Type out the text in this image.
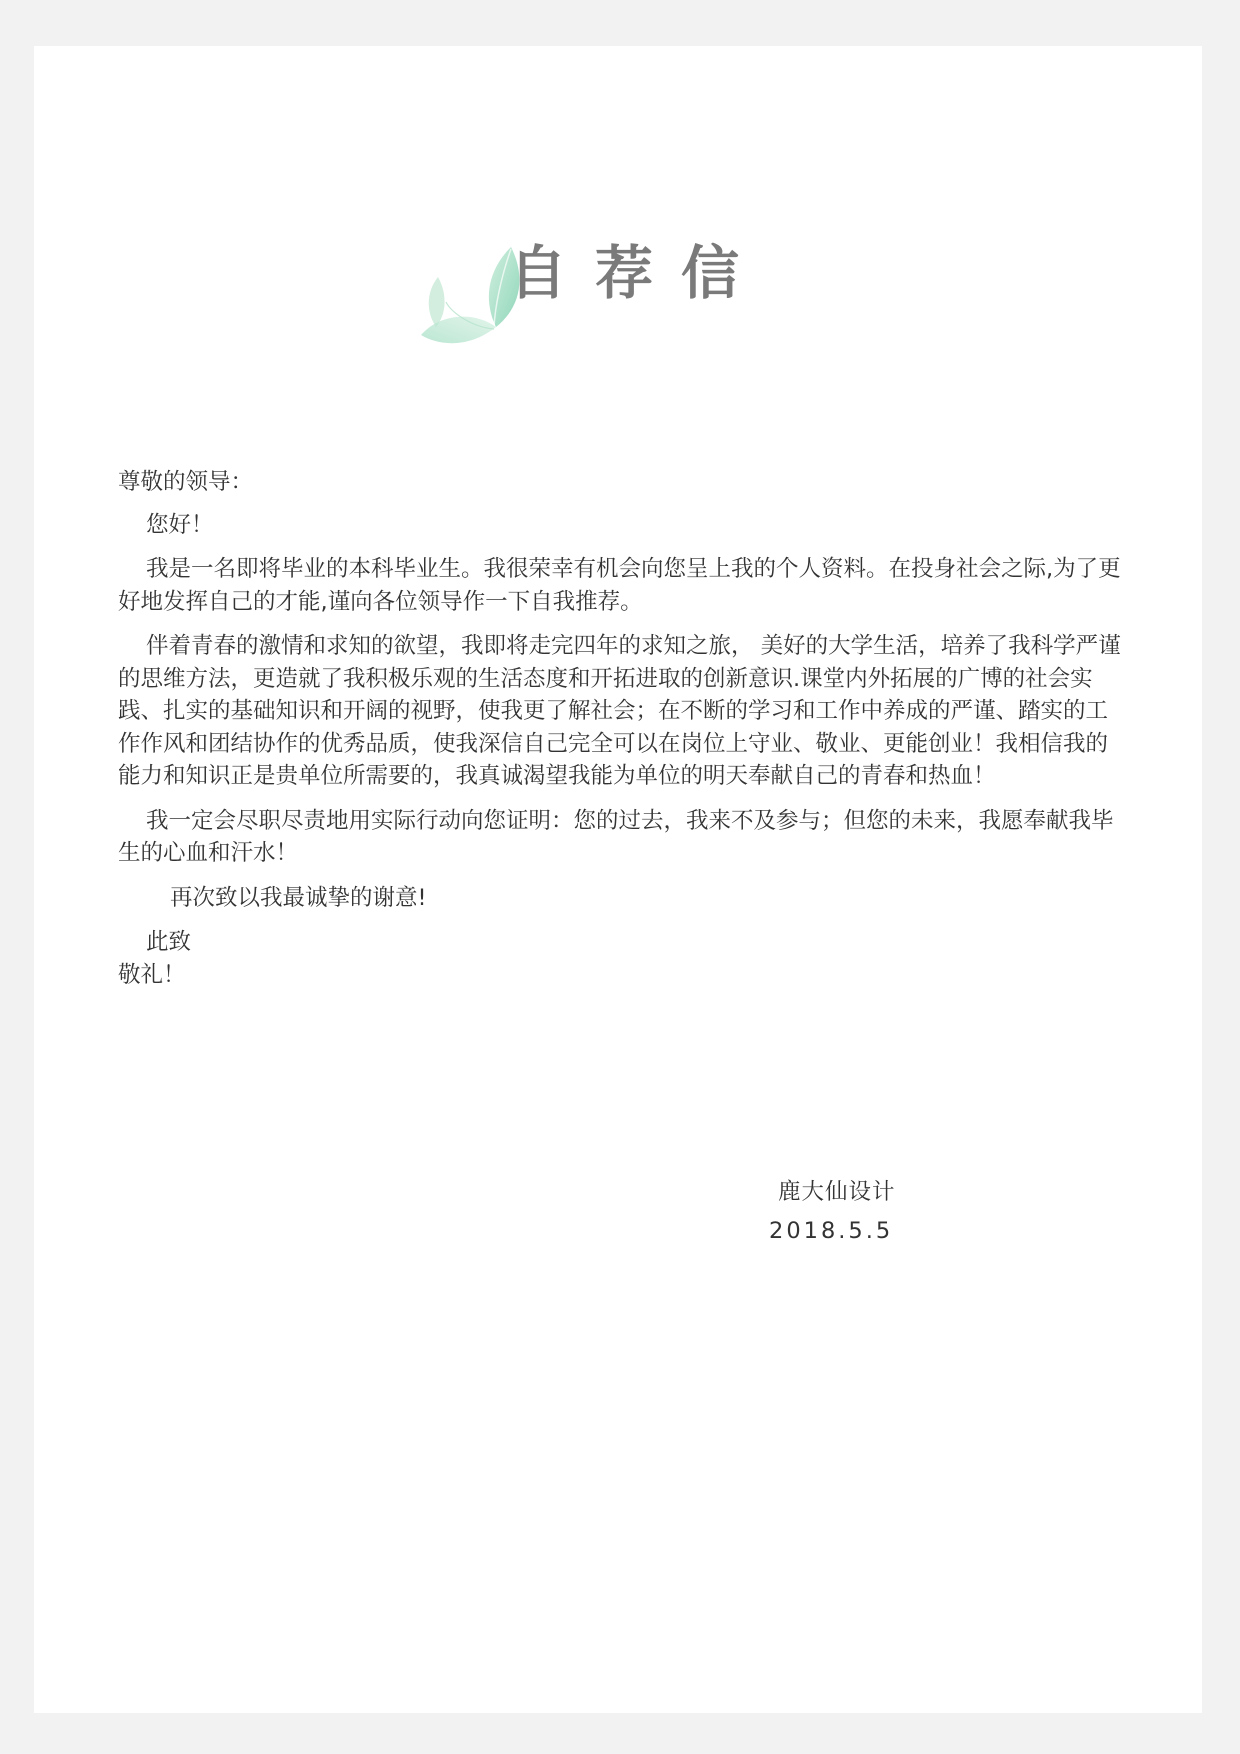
自荐信

尊敬的领导：

您好！

我是一名即将毕业的本科毕业生。我很荣幸有机会向您呈上我的个人资料。在投身社会之际,为了更好地发挥自己的才能,谨向各位领导作一下自我推荐。

伴着青春的激情和求知的欲望，我即将走完四年的求知之旅， 美好的大学生活，培养了我科学严谨的思维方法，更造就了我积极乐观的生活态度和开拓进取的创新意识.课堂内外拓展的广博的社会实践、扎实的基础知识和开阔的视野，使我更了解社会；在不断的学习和工作中养成的严谨、踏实的工作作风和团结协作的优秀品质，使我深信自己完全可以在岗位上守业、敬业、更能创业！我相信我的能力和知识正是贵单位所需要的，我真诚渴望我能为单位的明天奉献自己的青春和热血！

我一定会尽职尽责地用实际行动向您证明：您的过去，我来不及参与；但您的未来，我愿奉献我毕生的心血和汗水！

再次致以我最诚挚的谢意!

此致

敬礼！

鹿大仙设计

2018.5.5
